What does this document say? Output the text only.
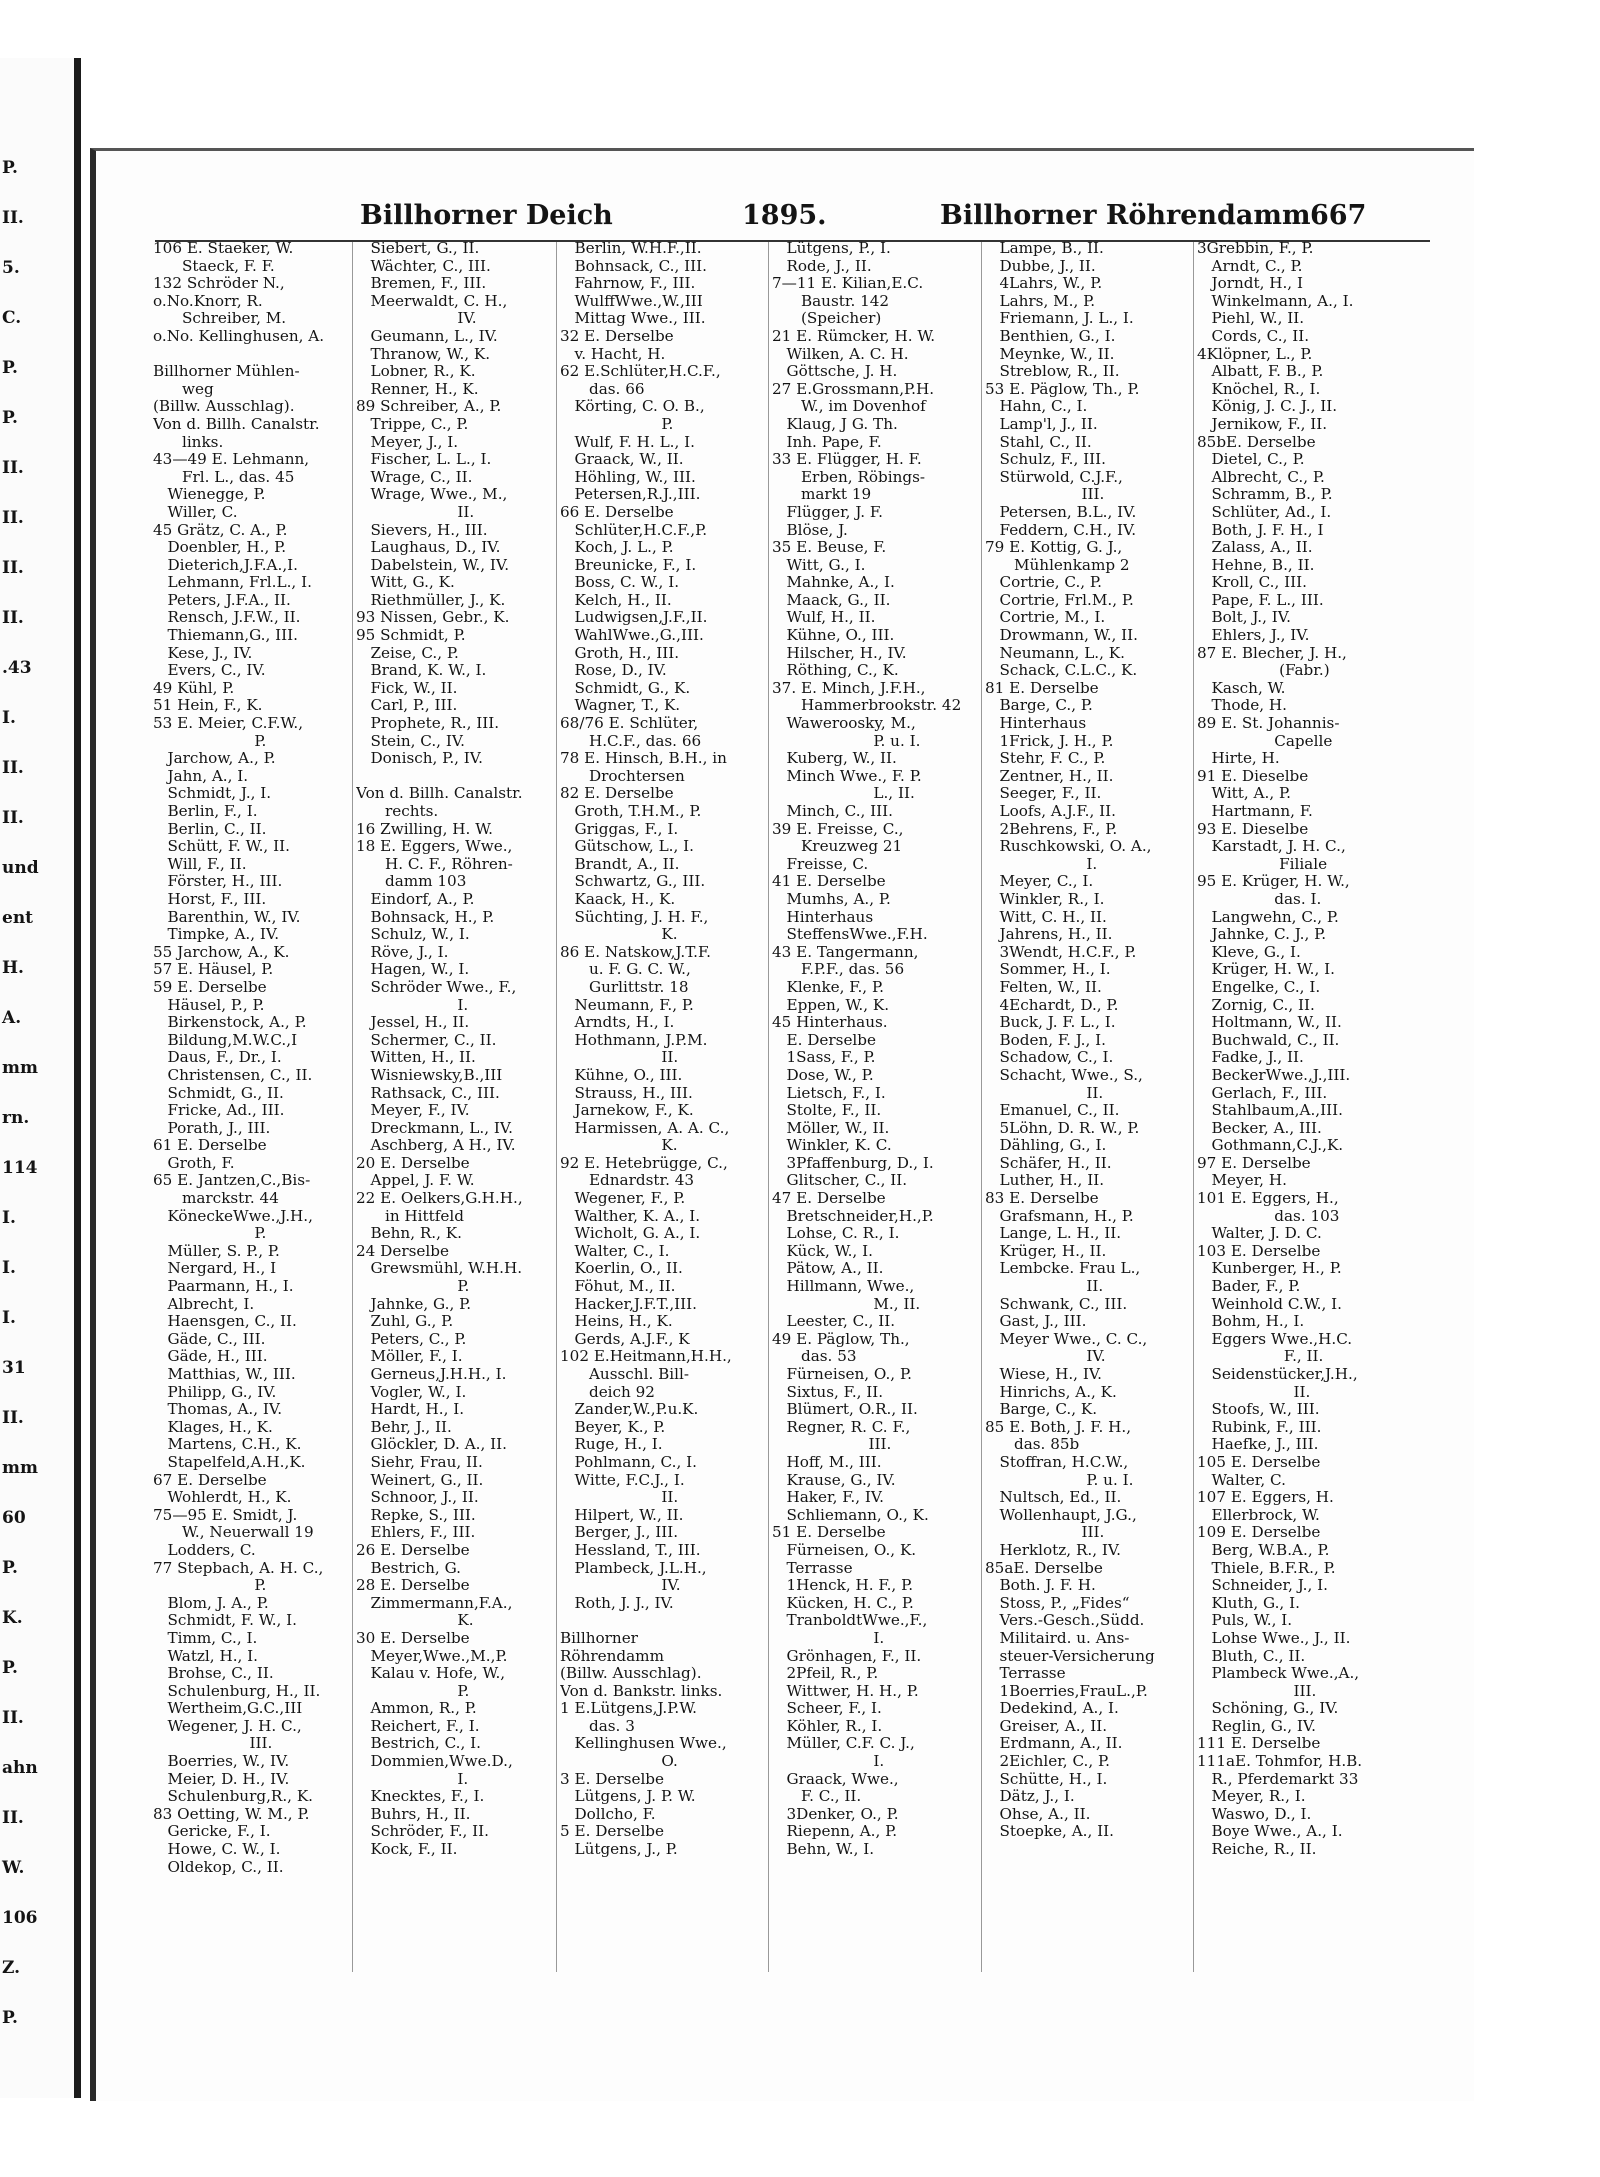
P.
II.
5.
C.
P.
P.
II.
II.
II.
II.
.43
I.
II.
II.
und
ent
H.
A.
mm
rn.
114
I.
I.
I.
31
II.
mm
60
P.
K.
P.
II.
ahn
II.
W.
106
Z.
P.
Billhorner Deich	1895.	Billhorner Röhrendamm 667
106 E. Staeker, W.
Staeck, F. F.
132 Schröder N.,
o.No.Knorr, R.
Schreiber, M.
o.No. Kellinghusen, A.
Billhorner Mühlen-
weg
(Billw. Ausschlag).
Von d. Billh. Canalstr.
links.
43—49 E. Lehmann,
Frl. L., das. 45
Wienegge, P.
Willer, C.
45 Grätz, C. A., P.
Doenbler, H., P.
Dieterich,J.F.A.,I.
Lehmann, Frl.L., I.
Peters, J.F.A., II.
Rensch, J.F.W., II.
Thiemann,G., III.
Kese, J., IV.
Evers, C., IV.
49 Kühl, P.
51 Hein, F., K.
53 E. Meier, C.F.W.,
P.
Jarchow, A., P.
Jahn, A., I.
Schmidt, J., I.
Berlin, F., I.
Berlin, C., II.
Schütt, F. W., II.
Will, F., II.
Förster, H., III.
Horst, F., III.
Barenthin, W., IV.
Timpke, A., IV.
55 Jarchow, A., K.
57 E. Häusel, P.
59 E. Derselbe
Häusel, P., P.
Birkenstock, A., P.
Bildung,M.W.C.,I
Daus, F., Dr., I.
Christensen, C., II.
Schmidt, G., II.
Fricke, Ad., III.
Porath, J., III.
61 E. Derselbe
Groth, F.
65 E. Jantzen,C.,Bis-
marckstr. 44
KöneckeWwe.,J.H.,
P.
Müller, S. P., P.
Nergard, H., I
Paarmann, H., I.
Albrecht, I.
Haensgen, C., II.
Gäde, C., III.
Gäde, H., III.
Matthias, W., III.
Philipp, G., IV.
Thomas, A., IV.
Klages, H., K.
Martens, C.H., K.
Stapelfeld,A.H.,K.
67 E. Derselbe
Wohlerdt, H., K.
75—95 E. Smidt, J.
W., Neuerwall 19
Lodders, C.
77 Stepbach, A. H. C.,
P.
Blom, J. A., P.
Schmidt, F. W., I.
Timm, C., I.
Watzl, H., I.
Brohse, C., II.
Schulenburg, H., II.
Wertheim,G.C.,III
Wegener, J. H. C.,
III.
Boerries, W., IV.
Meier, D. H., IV.
Schulenburg,R., K.
83 Oetting, W. M., P.
Gericke, F., I.
Howe, C. W., I.
Oldekop, C., II.
Siebert, G., II.
Wächter, C., III.
Bremen, F., III.
Meerwaldt, C. H.,
IV.
Geumann, L., IV.
Thranow, W., K.
Lobner, R., K.
Renner, H., K.
89 Schreiber, A., P.
Trippe, C., P.
Meyer, J., I.
Fischer, L. L., I.
Wrage, C., II.
Wrage, Wwe., M.,
II.
Sievers, H., III.
Laughaus, D., IV.
Dabelstein, W., IV.
Witt, G., K.
Riethmüller, J., K.
93 Nissen, Gebr., K.
95 Schmidt, P.
Zeise, C., P.
Brand, K. W., I.
Fick, W., II.
Carl, P., III.
Prophete, R., III.
Stein, C., IV.
Donisch, P., IV.
Von d. Billh. Canalstr.
rechts.
16 Zwilling, H. W.
18 E. Eggers, Wwe.,
H. C. F., Röhren-
damm 103
Eindorf, A., P.
Bohnsack, H., P.
Schulz, W., I.
Röve, J., I.
Hagen, W., I.
Schröder Wwe., F.,
I.
Jessel, H., II.
Schermer, C., II.
Witten, H., II.
Wisniewsky,B.,III
Rathsack, C., III.
Meyer, F., IV.
Dreckmann, L., IV.
Aschberg, A H., IV.
20 E. Derselbe
Appel, J. F. W.
22 E. Oelkers,G.H.H.,
in Hittfeld
Behn, R., K.
24 Derselbe
Grewsmühl, W.H.H.
P.
Jahnke, G., P.
Zuhl, G., P.
Peters, C., P.
Möller, F., I.
Gerneus,J.H.H., I.
Vogler, W., I.
Hardt, H., I.
Behr, J., II.
Glöckler, D. A., II.
Siehr, Frau, II.
Weinert, G., II.
Schnoor, J., II.
Repke, S., III.
Ehlers, F., III.
26 E. Derselbe
Bestrich, G.
28 E. Derselbe
Zimmermann,F.A.,
K.
30 E. Derselbe
Meyer,Wwe.,M.,P.
Kalau v. Hofe, W.,
P.
Ammon, R., P.
Reichert, F., I.
Bestrich, C., I.
Dommien,Wwe.D.,
I.
Knecktes, F., I.
Buhrs, H., II.
Schröder, F., II.
Kock, F., II.
Berlin, W.H.F.,II.
Bohnsack, C., III.
Fahrnow, F., III.
WulffWwe.,W.,III
Mittag Wwe., III.
32 E. Derselbe
v. Hacht, H.
62 E.Schlüter,H.C.F.,
das. 66
Körting, C. O. B.,
P.
Wulf, F. H. L., I.
Graack, W., II.
Höhling, W., III.
Petersen,R.J.,III.
66 E. Derselbe
Schlüter,H.C.F.,P.
Koch, J. L., P.
Breunicke, F., I.
Boss, C. W., I.
Kelch, H., II.
Ludwigsen,J.F.,II.
WahlWwe.,G.,III.
Groth, H., III.
Rose, D., IV.
Schmidt, G., K.
Wagner, T., K.
68/76 E. Schlüter,
H.C.F., das. 66
78 E. Hinsch, B.H., in
Drochtersen
82 E. Derselbe
Groth, T.H.M., P.
Griggas, F., I.
Gütschow, L., I.
Brandt, A., II.
Schwartz, G., III.
Kaack, H., K.
Süchting, J. H. F.,
K.
86 E. Natskow,J.T.F.
u. F. G. C. W.,
Gurlittstr. 18
Neumann, F., P.
Arndts, H., I.
Hothmann, J.P.M.
II.
Kühne, O., III.
Strauss, H., III.
Jarnekow, F., K.
Harmissen, A. A. C.,
K.
92 E. Hetebrügge, C.,
Ednardstr. 43
Wegener, F., P.
Walther, K. A., I.
Wicholt, G. A., I.
Walter, C., I.
Koerlin, O., II.
Föhut, M., II.
Hacker,J.F.T.,III.
Heins, H., K.
Gerds, A.J.F., K
102 E.Heitmann,H.H.,
Ausschl. Bill-
deich 92
Zander,W.,P.u.K.
Beyer, K., P.
Ruge, H., I.
Pohlmann, C., I.
Witte, F.C.J., I.
II.
Hilpert, W., II.
Berger, J., III.
Hessland, T., III.
Plambeck, J.L.H.,
IV.
Roth, J. J., IV.
Billhorner
Röhrendamm
(Billw. Ausschlag).
Von d. Bankstr. links.
1 E.Lütgens,J.P.W.
das. 3
Kellinghusen Wwe.,
O.
3 E. Derselbe
Lütgens, J. P. W.
Dollcho, F.
5 E. Derselbe
Lütgens, J., P.
Lütgens, P., I.
Rode, J., II.
7—11 E. Kilian,E.C.
Baustr. 142
(Speicher)
21 E. Rümcker, H. W.
Wilken, A. C. H.
Göttsche, J. H.
27 E.Grossmann,P.H.
W., im Dovenhof
Klaug, J G. Th.
Inh. Pape, F.
33 E. Flügger, H. F.
Erben, Röbings-
markt 19
Flügger, J. F.
Blöse, J.
35 E. Beuse, F.
Witt, G., I.
Mahnke, A., I.
Maack, G., II.
Wulf, H., II.
Kühne, O., III.
Hilscher, H., IV.
Röthing, C., K.
37. E. Minch, J.F.H.,
Hammerbrookstr. 42
Waweroosky, M.,
P. u. I.
Kuberg, W., II.
Minch Wwe., F. P.
L., II.
Minch, C., III.
39 E. Freisse, C.,
Kreuzweg 21
Freisse, C.
41 E. Derselbe
Mumhs, A., P.
Hinterhaus
SteffensWwe.,F.H.
43 E. Tangermann,
F.P.F., das. 56
Klenke, F., P.
Eppen, W., K.
45 Hinterhaus.
E. Derselbe
1Sass, F., P.
Dose, W., P.
Lietsch, F., I.
Stolte, F., II.
Möller, W., II.
Winkler, K. C.
3Pfaffenburg, D., I.
Glitscher, C., II.
47 E. Derselbe
Bretschneider,H.,P.
Lohse, C. R., I.
Kück, W., I.
Pätow, A., II.
Hillmann, Wwe.,
M., II.
Leester, C., II.
49 E. Päglow, Th.,
das. 53
Fürneisen, O., P.
Sixtus, F., II.
Blümert, O.R., II.
Regner, R. C. F.,
III.
Hoff, M., III.
Krause, G., IV.
Haker, F., IV.
Schliemann, O., K.
51 E. Derselbe
Fürneisen, O., K.
Terrasse
1Henck, H. F., P.
Kücken, H. C., P.
TranboldtWwe.,F.,
I.
Grönhagen, F., II.
2Pfeil, R., P.
Wittwer, H. H., P.
Scheer, F., I.
Köhler, R., I.
Müller, C.F. C. J.,
I.
Graack, Wwe.,
F. C., II.
3Denker, O., P.
Riepenn, A., P.
Behn, W., I.
Lampe, B., II.
Dubbe, J., II.
4Lahrs, W., P.
Lahrs, M., P.
Friemann, J. L., I.
Benthien, G., I.
Meynke, W., II.
Streblow, R., II.
53 E. Päglow, Th., P.
Hahn, C., I.
Lamp'l, J., II.
Stahl, C., II.
Schulz, F., III.
Stürwold, C.J.F.,
III.
Petersen, B.L., IV.
Feddern, C.H., IV.
79 E. Kottig, G. J.,
Mühlenkamp 2
Cortrie, C., P.
Cortrie, Frl.M., P.
Cortrie, M., I.
Drowmann, W., II.
Neumann, L., K.
Schack, C.L.C., K.
81 E. Derselbe
Barge, C., P.
Hinterhaus
1Frick, J. H., P.
Stehr, F. C., P.
Zentner, H., II.
Seeger, F., II.
Loofs, A.J.F., II.
2Behrens, F., P.
Ruschkowski, O. A.,
I.
Meyer, C., I.
Winkler, R., I.
Witt, C. H., II.
Jahrens, H., II.
3Wendt, H.C.F., P.
Sommer, H., I.
Felten, W., II.
4Echardt, D., P.
Buck, J. F. L., I.
Boden, F. J., I.
Schadow, C., I.
Schacht, Wwe., S.,
II.
Emanuel, C., II.
5Löhn, D. R. W., P.
Dähling, G., I.
Schäfer, H., II.
Luther, H., II.
83 E. Derselbe
Grafsmann, H., P.
Lange, L. H., II.
Krüger, H., II.
Lembcke. Frau L.,
II.
Schwank, C., III.
Gast, J., III.
Meyer Wwe., C. C.,
IV.
Wiese, H., IV.
Hinrichs, A., K.
Barge, C., K.
85 E. Both, J. F. H.,
das. 85b
Stoffran, H.C.W.,
P. u. I.
Nultsch, Ed., II.
Wollenhaupt, J.G.,
III.
Herklotz, R., IV.
85aE. Derselbe
Both. J. F. H.
Stoss, P., „Fides“
Vers.-Gesch.,Südd.
Militaird. u. Ans-
steuer-Versicherung
Terrasse
1Boerries,FrauL.,P.
Dedekind, A., I.
Greiser, A., II.
Erdmann, A., II.
2Eichler, C., P.
Schütte, H., I.
Dätz, J., I.
Ohse, A., II.
Stoepke, A., II.
3Grebbin, F., P.
Arndt, C., P.
Jorndt, H., I
Winkelmann, A., I.
Piehl, W., II.
Cords, C., II.
4Klöpner, L., P.
Albatt, F. B., P.
Knöchel, R., I.
König, J. C. J., II.
Jernikow, F., II.
85bE. Derselbe
Dietel, C., P.
Albrecht, C., P.
Schramm, B., P.
Schlüter, Ad., I.
Both, J. F. H., I
Zalass, A., II.
Hehne, B., II.
Kroll, C., III.
Pape, F. L., III.
Bolt, J., IV.
Ehlers, J., IV.
87 E. Blecher, J. H.,
(Fabr.)
Kasch, W.
Thode, H.
89 E. St. Johannis-
Capelle
Hirte, H.
91 E. Dieselbe
Witt, A., P.
Hartmann, F.
93 E. Dieselbe
Karstadt, J. H. C.,
Filiale
95 E. Krüger, H. W.,
das. I.
Langwehn, C., P.
Jahnke, C. J., P.
Kleve, G., I.
Krüger, H. W., I.
Engelke, C., I.
Zornig, C., II.
Holtmann, W., II.
Buchwald, C., II.
Fadke, J., II.
BeckerWwe.,J.,III.
Gerlach, F., III.
Stahlbaum,A.,III.
Becker, A., III.
Gothmann,C.J.,K.
97 E. Derselbe
Meyer, H.
101 E. Eggers, H.,
das. 103
Walter, J. D. C.
103 E. Derselbe
Kunberger, H., P.
Bader, F., P.
Weinhold C.W., I.
Bohm, H., I.
Eggers Wwe.,H.C.
F., II.
Seidenstücker,J.H.,
II.
Stoofs, W., III.
Rubink, F., III.
Haefke, J., III.
105 E. Derselbe
Walter, C.
107 E. Eggers, H.
Ellerbrock, W.
109 E. Derselbe
Berg, W.B.A., P.
Thiele, B.F.R., P.
Schneider, J., I.
Kluth, G., I.
Puls, W., I.
Lohse Wwe., J., II.
Bluth, C., II.
Plambeck Wwe.,A.,
III.
Schöning, G., IV.
Reglin, G., IV.
111 E. Derselbe
111aE. Tohmfor, H.B.
R., Pferdemarkt 33
Meyer, R., I.
Waswo, D., I.
Boye Wwe., A., I.
Reiche, R., II.
